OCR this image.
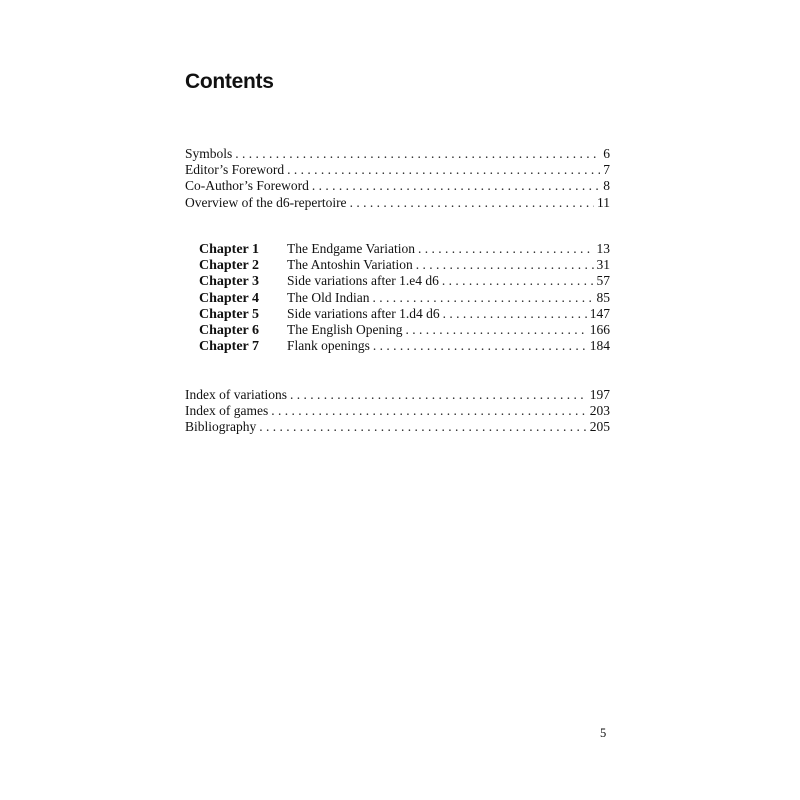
Contents
Symbols . . .	6
Editor’s Foreword . . .	7
Co-Author’s Foreword . . .	8
Overview of the d6-repertoire . . .	11
Chapter 1	The Endgame Variation . . .	13
Chapter 2	The Antoshin Variation . . .	31
Chapter 3	Side variations after 1.e4 d6 . . .	57
Chapter 4	The Old Indian . . .	85
Chapter 5	Side variations after 1.d4 d6 . . .	147
Chapter 6	The English Opening . . .	166
Chapter 7	Flank openings . . .	184
Index of variations . . .	197
Index of games . . .	203
Bibliography . . .	205
5
